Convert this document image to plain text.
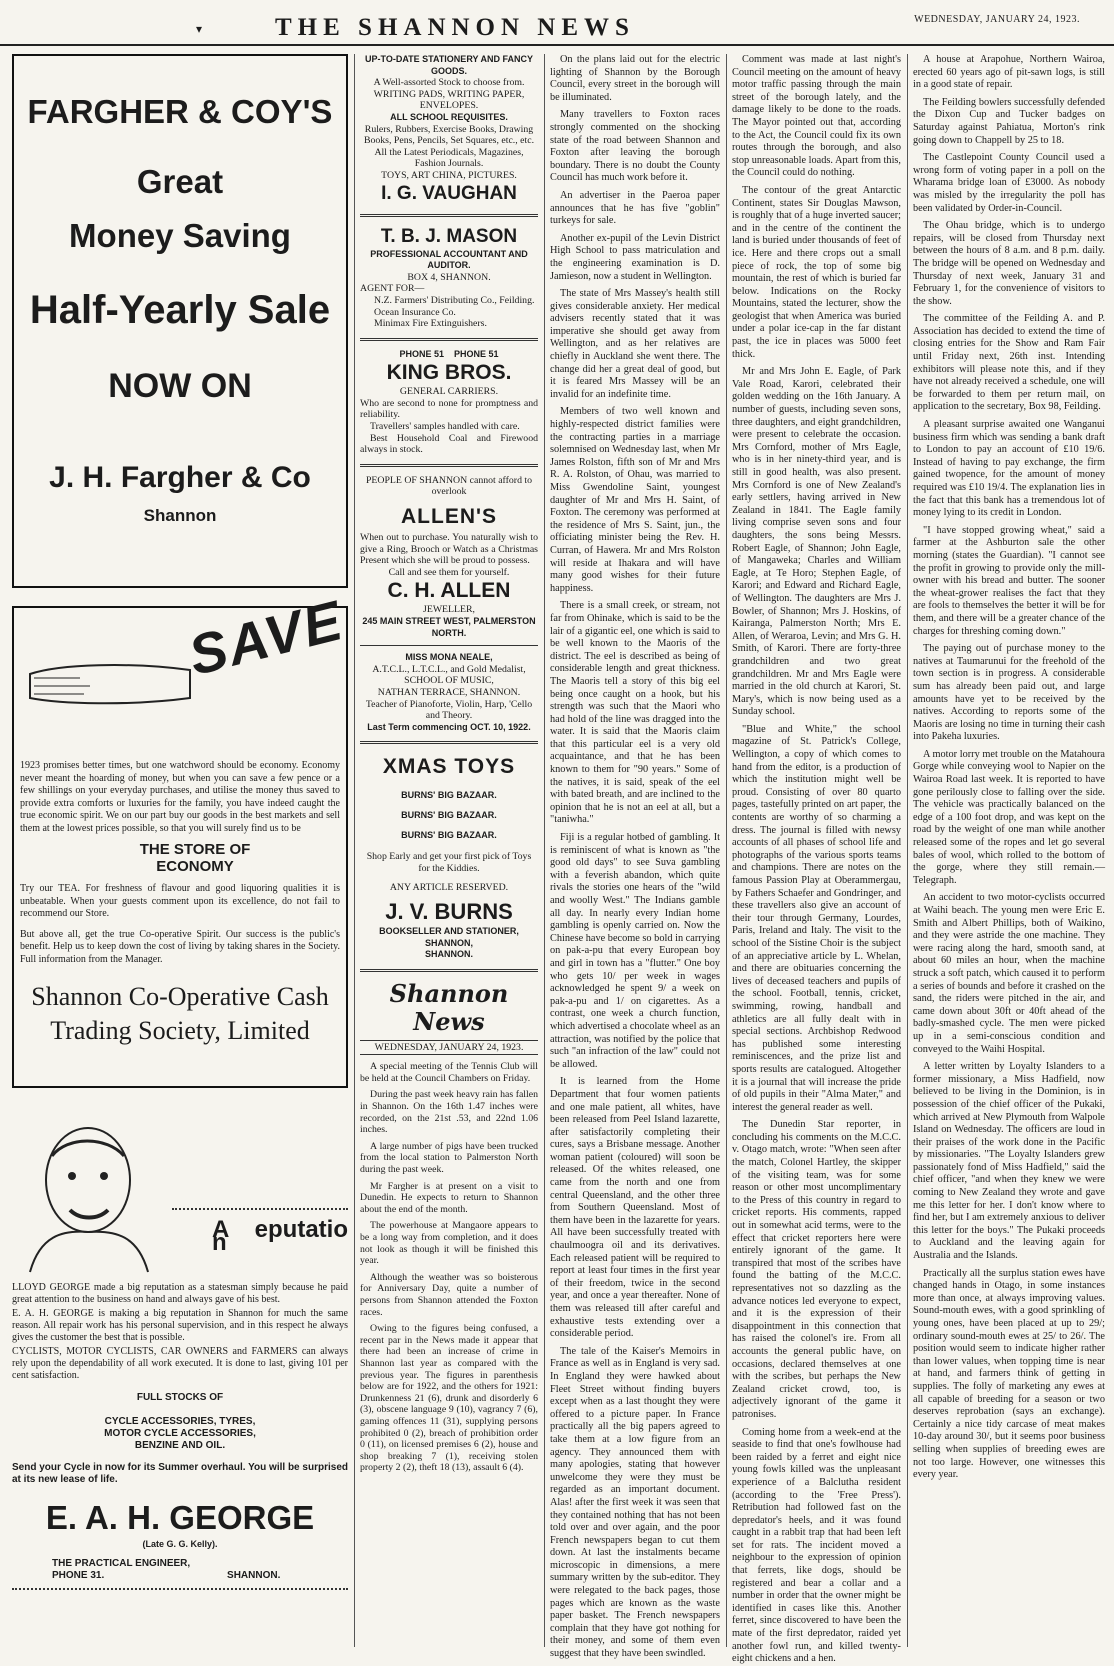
▾	THE SHANNON NEWS	WEDNESDAY, JANUARY 24, 1923.
FARGHER & COY'S
Great
Money Saving
Half-Yearly Sale
NOW ON
J. H. Fargher & Co
Shannon
SAVE
1923 promises better times, but one watchword should be economy. Economy never meant the hoarding of money, but when you can save a few pence or a few shillings on your everyday purchases, and utilise the money thus saved to provide extra comforts or luxuries for the family, you have indeed caught the true economic spirit. We on our part buy our goods in the best markets and sell them at the lowest prices possible, so that you will surely find us to be
THE STORE OF ECONOMY
Try our TEA. For freshness of flavour and good liquoring qualities it is unbeatable. When your guests comment upon its excellence, do not fail to recommend our Store.
But above all, get the true Co-operative Spirit. Our success is the public's benefit. Help us to keep down the cost of living by taking shares in the Society. Full information from the Manager.
Shannon Co-Operative Cash
Trading Society, Limited
A eputatio n
LLOYD GEORGE made a big reputation as a statesman simply because he paid great attention to the business on hand and always gave of his best.
E. A. H. GEORGE is making a big reputation in Shannon for much the same reason. All repair work has his personal supervision, and in this respect he always gives the customer the best that is possible.
CYCLISTS, MOTOR CYCLISTS, CAR OWNERS and FARMERS can always rely upon the dependability of all work executed. It is done to last, giving 101 per cent satisfaction.
FULL STOCKS OF
CYCLE ACCESSORIES, TYRES,
MOTOR CYCLE ACCESSORIES,
BENZINE AND OIL.
Send your Cycle in now for its Summer overhaul. You will be surprised at its new lease of life.
E. A. H. GEORGE
(Late G. G. Kelly).
THE PRACTICAL ENGINEER,
PHONE 31.	SHANNON.
UP-TO-DATE STATIONERY AND FANCY GOODS.
A Well-assorted Stock to choose from. WRITING PADS, WRITING PAPER, ENVELOPES.
ALL SCHOOL REQUISITES.
Rulers, Rubbers, Exercise Books, Drawing Books, Pens, Pencils, Set Squares, etc., etc.
All the Latest Periodicals, Magazines, Fashion Journals.
TOYS, ART CHINA, PICTURES.
I. G. VAUGHAN
T. B. J. MASON
PROFESSIONAL ACCOUNTANT AND AUDITOR.
BOX 4, SHANNON.
AGENT FOR—
N.Z. Farmers' Distributing Co., Feilding.
Ocean Insurance Co.
Minimax Fire Extinguishers.
PHONE 51    PHONE 51
KING BROS.
GENERAL CARRIERS.
Who are second to none for promptness and reliability.
Travellers' samples handled with care.
Best Household Coal and Firewood always in stock.
PEOPLE OF SHANNON cannot afford to overlook
ALLEN'S
When out to purchase. You naturally wish to give a Ring, Brooch or Watch as a Christmas Present which she will be proud to possess.
Call and see them for yourself.
C. H. ALLEN
JEWELLER,
245 MAIN STREET WEST, PALMERSTON NORTH.
MISS MONA NEALE,
A.T.C.L., L.T.C.L., and Gold Medalist,
SCHOOL OF MUSIC,
NATHAN TERRACE, SHANNON.
Teacher of Pianoforte, Violin, Harp, 'Cello and Theory.
Last Term commencing OCT. 10, 1922.
XMAS TOYS
BURNS' BIG BAZAAR.
BURNS' BIG BAZAAR.
BURNS' BIG BAZAAR.
Shop Early and get your first pick of Toys for the Kiddies.
ANY ARTICLE RESERVED.
J. V. BURNS
BOOKSELLER AND STATIONER,
SHANNON,
SHANNON.
Shannon News
WEDNESDAY, JANUARY 24, 1923.

A special meeting of the Tennis Club will be held at the Council Chambers on Friday.

During the past week heavy rain has fallen in Shannon. On the 16th 1.47 inches were recorded, on the 21st .53, and 22nd 1.06 inches.

A large number of pigs have been trucked from the local station to Palmerston North during the past week.

Mr Fargher is at present on a visit to Dunedin. He expects to return to Shannon about the end of the month.

The powerhouse at Mangaore appears to be a long way from completion, and it does not look as though it will be finished this year.

Although the weather was so boisterous for Anniversary Day, quite a number of persons from Shannon attended the Foxton races.

Owing to the figures being confused, a recent par in the News made it appear that there had been an increase of crime in Shannon last year as compared with the previous year. The figures in parenthesis below are for 1922, and the others for 1921: Drunkenness 21 (6), drunk and disorderly 6 (3), obscene language 9 (10), vagrancy 7 (6), gaming offences 11 (31), supplying persons prohibited 0 (2), breach of prohibition order 0 (11), on licensed premises 6 (2), house and shop breaking 7 (1), receiving stolen property 2 (2), theft 18 (13), assault 6 (4).

On the plans laid out for the electric lighting of Shannon by the Borough Council, every street in the borough will be illuminated.

Many travellers to Foxton races strongly commented on the shocking state of the road between Shannon and Foxton after leaving the borough boundary. There is no doubt the County Council has much work before it.

An advertiser in the Paeroa paper announces that he has five "goblin" turkeys for sale.

Another ex-pupil of the Levin District High School to pass matriculation and the engineering examination is D. Jamieson, now a student in Wellington.

The state of Mrs Massey's health still gives considerable anxiety. Her medical advisers recently stated that it was imperative she should get away from Wellington, and as her relatives are chiefly in Auckland she went there. The change did her a great deal of good, but it is feared Mrs Massey will be an invalid for an indefinite time.

Members of two well known and highly-respected district families were the contracting parties in a marriage solemnised on Wednesday last, when Mr James Rolston, fifth son of Mr and Mrs R. A. Rolston, of Ohau, was married to Miss Gwendoline Saint, youngest daughter of Mr and Mrs H. Saint, of Foxton. The ceremony was performed at the residence of Mrs S. Saint, jun., the officiating minister being the Rev. H. Curran, of Hawera. Mr and Mrs Rolston will reside at Ihakara and will have many good wishes for their future happiness.

There is a small creek, or stream, not far from Ohinake, which is said to be the lair of a gigantic eel, one which is said to be well known to the Maoris of the district. The eel is described as being of considerable length and great thickness. The Maoris tell a story of this big eel being once caught on a hook, but his strength was such that the Maori who had hold of the line was dragged into the water. It is said that the Maoris claim that this particular eel is a very old acquaintance, and that he has been known to them for "90 years." Some of the natives, it is said, speak of the eel with bated breath, and are inclined to the opinion that he is not an eel at all, but a "taniwha."

Fiji is a regular hotbed of gambling. It is reminiscent of what is known as "the good old days" to see Suva gambling with a feverish abandon, which quite rivals the stories one hears of the "wild and woolly West." The Indians gamble all day. In nearly every Indian home gambling is openly carried on. Now the Chinese have become so bold in carrying on pak-a-pu that every European boy and girl in town has a "flutter." One boy who gets 10/ per week in wages acknowledged he spent 9/ a week on pak-a-pu and 1/ on cigarettes. As a contrast, one week a church function, which advertised a chocolate wheel as an attraction, was notified by the police that such "an infraction of the law" could not be allowed.

It is learned from the Home Department that four women patients and one male patient, all whites, have been released from Peel Island lazarette, after satisfactorily completing their cures, says a Brisbane message. Another woman patient (coloured) will soon be released. Of the whites released, one came from the north and one from central Queensland, and the other three from Southern Queensland. Most of them have been in the lazarette for years. All have been successfully treated with chaulmoogra oil and its derivatives. Each released patient will be required to report at least four times in the first year of their freedom, twice in the second year, and once a year thereafter. None of them was released till after careful and exhaustive tests extending over a considerable period.

The tale of the Kaiser's Memoirs in France as well as in England is very sad. In England they were hawked about Fleet Street without finding buyers except when as a last thought they were offered to a picture paper. In France practically all the big papers agreed to take them at a low figure from an agency. They announced them with many apologies, stating that however unwelcome they were they must be regarded as an important document. Alas! after the first week it was seen that they contained nothing that has not been told over and over again, and the poor French newspapers began to cut them down. At last the instalments became microscopic in dimensions, a mere summary written by the sub-editor. They were relegated to the back pages, those pages which are known as the waste paper basket. The French newspapers complain that they have got nothing for their money, and some of them even suggest that they have been swindled.

Comment was made at last night's Council meeting on the amount of heavy motor traffic passing through the main street of the borough lately, and the damage likely to be done to the roads. The Mayor pointed out that, according to the Act, the Council could fix its own routes through the borough, and also stop unreasonable loads. Apart from this, the Council could do nothing.

The contour of the great Antarctic Continent, states Sir Douglas Mawson, is roughly that of a huge inverted saucer; and in the centre of the continent the land is buried under thousands of feet of ice. Here and there crops out a small piece of rock, the top of some big mountain, the rest of which is buried far below. Indications on the Rocky Mountains, stated the lecturer, show the geologist that when America was buried under a polar ice-cap in the far distant past, the ice in places was 5000 feet thick.

Mr and Mrs John E. Eagle, of Park Vale Road, Karori, celebrated their golden wedding on the 16th January. A number of guests, including seven sons, three daughters, and eight grandchildren, were present to celebrate the occasion. Mrs Cornford, mother of Mrs Eagle, who is in her ninety-third year, and is still in good health, was also present. Mrs Cornford is one of New Zealand's early settlers, having arrived in New Zealand in 1841. The Eagle family living comprise seven sons and four daughters, the sons being Messrs. Robert Eagle, of Shannon; John Eagle, of Mangaweka; Charles and William Eagle, at Te Horo; Stephen Eagle, of Karori; and Edward and Richard Eagle, of Wellington. The daughters are Mrs J. Bowler, of Shannon; Mrs J. Hoskins, of Kairanga, Palmerston North; Mrs E. Allen, of Weraroa, Levin; and Mrs G. H. Smith, of Karori. There are forty-three grandchildren and two great grandchildren. Mr and Mrs Eagle were married in the old church at Karori, St. Mary's, which is now being used as a Sunday school.

"Blue and White," the school magazine of St. Patrick's College, Wellington, a copy of which comes to hand from the editor, is a production of which the institution might well be proud. Consisting of over 80 quarto pages, tastefully printed on art paper, the contents are worthy of so charming a dress. The journal is filled with newsy accounts of all phases of school life and photographs of the various sports teams and champions. There are notes on the famous Passion Play at Oberammergau, by Fathers Schaefer and Gondringer, and these travellers also give an account of their tour through Germany, Lourdes, Paris, Ireland and Italy. The visit to the school of the Sistine Choir is the subject of an appreciative article by L. Whelan, and there are obituaries concerning the lives of deceased teachers and pupils of the school. Football, tennis, cricket, swimming, rowing, handball and athletics are all fully dealt with in special sections. Archbishop Redwood has published some interesting reminiscences, and the prize list and sports results are catalogued. Altogether it is a journal that will increase the pride of old pupils in their "Alma Mater," and interest the general reader as well.

The Dunedin Star reporter, in concluding his comments on the M.C.C. v. Otago match, wrote: "When seen after the match, Colonel Hartley, the skipper of the visiting team, was for some reason or other most uncomplimentary to the Press of this country in regard to cricket reports. His comments, rapped out in somewhat acid terms, were to the effect that cricket reporters here were entirely ignorant of the game. It transpired that most of the scribes have found the batting of the M.C.C. representatives not so dazzling as the advance notices led everyone to expect, and it is the expression of their disappointment in this connection that has raised the colonel's ire. From all accounts the general public have, on occasions, declared themselves at one with the scribes, but perhaps the New Zealand cricket crowd, too, is adjectively ignorant of the game it patronises.

Coming home from a week-end at the seaside to find that one's fowlhouse had been raided by a ferret and eight nice young fowls killed was the unpleasant experience of a Balclutha resident (according to the 'Free Press'). Retribution had followed fast on the depredator's heels, and it was found caught in a rabbit trap that had been left set for rats. The incident moved a neighbour to the expression of opinion that ferrets, like dogs, should be registered and bear a collar and a number in order that the owner might be identified in cases like this. Another ferret, since discovered to have been the mate of the first depredator, raided yet another fowl run, and killed twenty-eight chickens and a hen.

A house at Arapohue, Northern Wairoa, erected 60 years ago of pit-sawn logs, is still in a good state of repair.

The Feilding bowlers successfully defended the Dixon Cup and Tucker badges on Saturday against Pahiatua, Morton's rink going down to Chappell by 25 to 18.

The Castlepoint County Council used a wrong form of voting paper in a poll on the Wharama bridge loan of £3000. As nobody was misled by the irregularity the poll has been validated by Order-in-Council.

The Ohau bridge, which is to undergo repairs, will be closed from Thursday next between the hours of 8 a.m. and 8 p.m. daily. The bridge will be opened on Wednesday and Thursday of next week, January 31 and February 1, for the convenience of visitors to the show.

The committee of the Feilding A. and P. Association has decided to extend the time of closing entries for the Show and Ram Fair until Friday next, 26th inst. Intending exhibitors will please note this, and if they have not already received a schedule, one will be forwarded to them per return mail, on application to the secretary, Box 98, Feilding.

A pleasant surprise awaited one Wanganui business firm which was sending a bank draft to London to pay an account of £10 19/6. Instead of having to pay exchange, the firm gained twopence, for the amount of money required was £10 19/4. The explanation lies in the fact that this bank has a tremendous lot of money lying to its credit in London.

"I have stopped growing wheat," said a farmer at the Ashburton sale the other morning (states the Guardian). "I cannot see the profit in growing to provide only the mill-owner with his bread and butter. The sooner the wheat-grower realises the fact that they are fools to themselves the better it will be for them, and there will be a greater chance of the charges for threshing coming down."

The paying out of purchase money to the natives at Taumarunui for the freehold of the town section is in progress. A considerable sum has already been paid out, and large amounts have yet to be received by the natives. According to reports some of the Maoris are losing no time in turning their cash into Pakeha luxuries.

A motor lorry met trouble on the Matahoura Gorge while conveying wool to Napier on the Wairoa Road last week. It is reported to have gone perilously close to falling over the side. The vehicle was practically balanced on the edge of a 100 foot drop, and was kept on the road by the weight of one man while another released some of the ropes and let go several bales of wool, which rolled to the bottom of the gorge, where they still remain.—Telegraph.

An accident to two motor-cyclists occurred at Waihi beach. The young men were Eric E. Smith and Albert Phillips, both of Waikino, and they were astride the one machine. They were racing along the hard, smooth sand, at about 60 miles an hour, when the machine struck a soft patch, which caused it to perform a series of bounds and before it crashed on the sand, the riders were pitched in the air, and came down about 30ft or 40ft ahead of the badly-smashed cycle. The men were picked up in a semi-conscious condition and conveyed to the Waihi Hospital.

A letter written by Loyalty Islanders to a former missionary, a Miss Hadfield, now believed to be living in the Dominion, is in possession of the chief officer of the Pukaki, which arrived at New Plymouth from Walpole Island on Wednesday. The officers are loud in their praises of the work done in the Pacific by missionaries. "The Loyalty Islanders grew passionately fond of Miss Hadfield," said the chief officer, "and when they knew we were coming to New Zealand they wrote and gave me this letter for her. I don't know where to find her, but I am extremely anxious to deliver this letter for the boys." The Pukaki proceeds to Auckland and the leaving again for Australia and the Islands.

Practically all the surplus station ewes have changed hands in Otago, in some instances more than once, at always improving values. Sound-mouth ewes, with a good sprinkling of young ones, have been placed at up to 29/; ordinary sound-mouth ewes at 25/ to 26/. The position would seem to indicate higher rather than lower values, when topping time is near at hand, and farmers think of getting in supplies. The folly of marketing any ewes at all capable of breeding for a season or two deserves reprobation (says an exchange). Certainly a nice tidy carcase of meat makes 10-day around 30/, but it seems poor business selling when supplies of breeding ewes are not too large. However, one witnesses this every year.
